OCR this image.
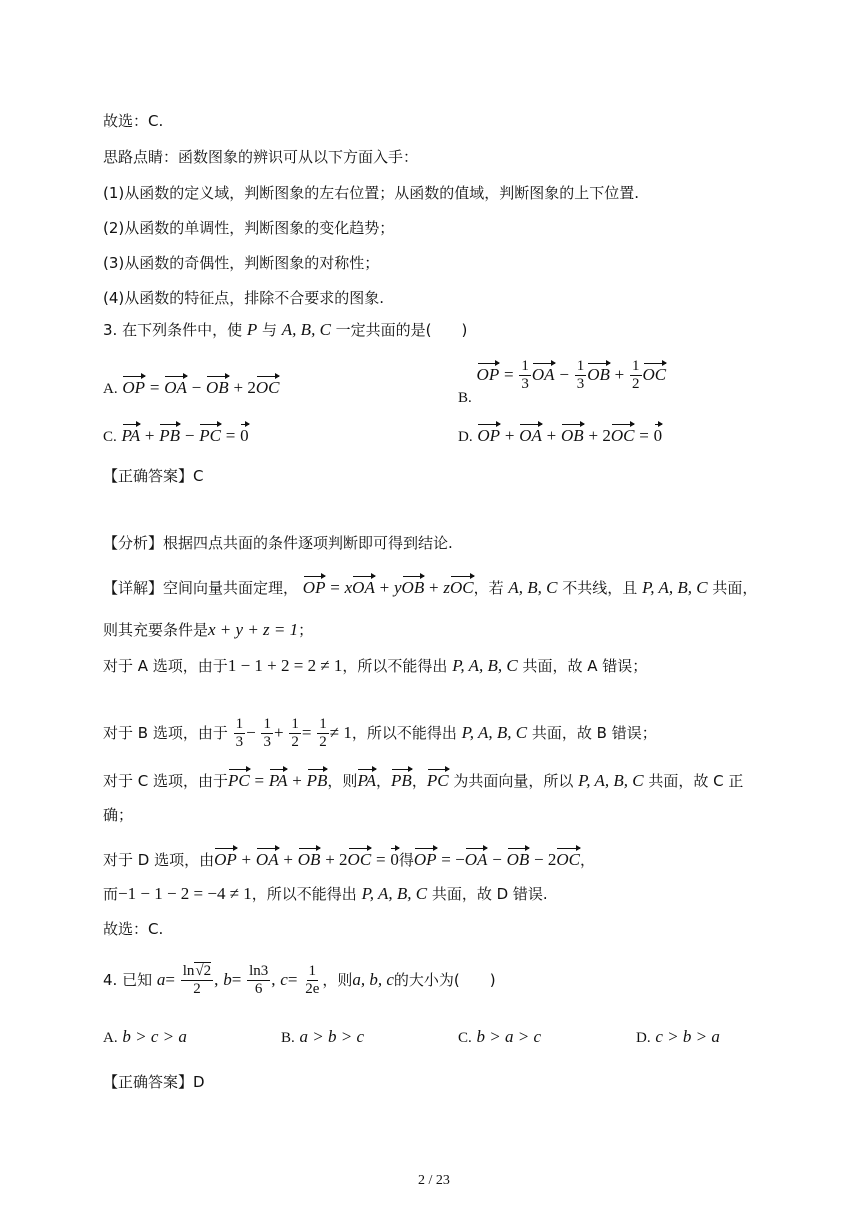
故选：C.
思路点睛：函数图象的辨识可从以下方面入手：
(1)从函数的定义域，判断图象的左右位置；从函数的值域，判断图象的上下位置.
(2)从函数的单调性，判断图象的变化趋势；
(3)从函数的奇偶性，判断图象的对称性；
(4)从函数的特征点，排除不合要求的图象.
3. 在下列条件中，使 P 与 A, B, C 一定共面的是(　　)
A. OP = OA − OB + 2OC
B. OP = $\frac{1}{3}$ OA − $\frac{1}{3}$ OB + $\frac{1}{2}$ OC
C. PA + PB − PC = 0	D. OP + OA + OB + 2OC = 0
【正确答案】C
【分析】根据四点共面的条件逐项判断即可得到结论.
【详解】空间向量共面定理， OP = xOA + yOB + zOC，若 A, B, C 不共线，且 P, A, B, C 共面，
则其充要条件是x + y + z = 1；
对于 A 选项，由于1 − 1 + 2 = 2 ≠ 1，所以不能得出 P, A, B, C 共面，故 A 错误；
对于 B 选项，由于 $\frac{1}{3} - \frac{1}{3} + \frac{1}{2} = \frac{1}{2} \ne 1$，所以不能得出 P, A, B, C 共面，故 B 错误；
对于 C 选项，由于PC = PA + PB，则PA，PB，PC 为共面向量，所以 P, A, B, C 共面，故 C 正
确；
对于 D 选项，由OP + OA + OB + 2OC = 0得OP = −OA − OB − 2OC，
而−1 − 1 − 2 = −4 ≠ 1，所以不能得出 P, A, B, C 共面，故 D 错误.
故选：C.
4. 已知 $a= \frac{\ln√2}{2}$ , $b= \frac{\ln 3}{6}$ , $c= \frac{1}{2e}$ ，则a, b, c的大小为(　　)
A. b > c > a	B. a > b > c	C. b > a > c	D. c > b > a
【正确答案】D
2 / 23
